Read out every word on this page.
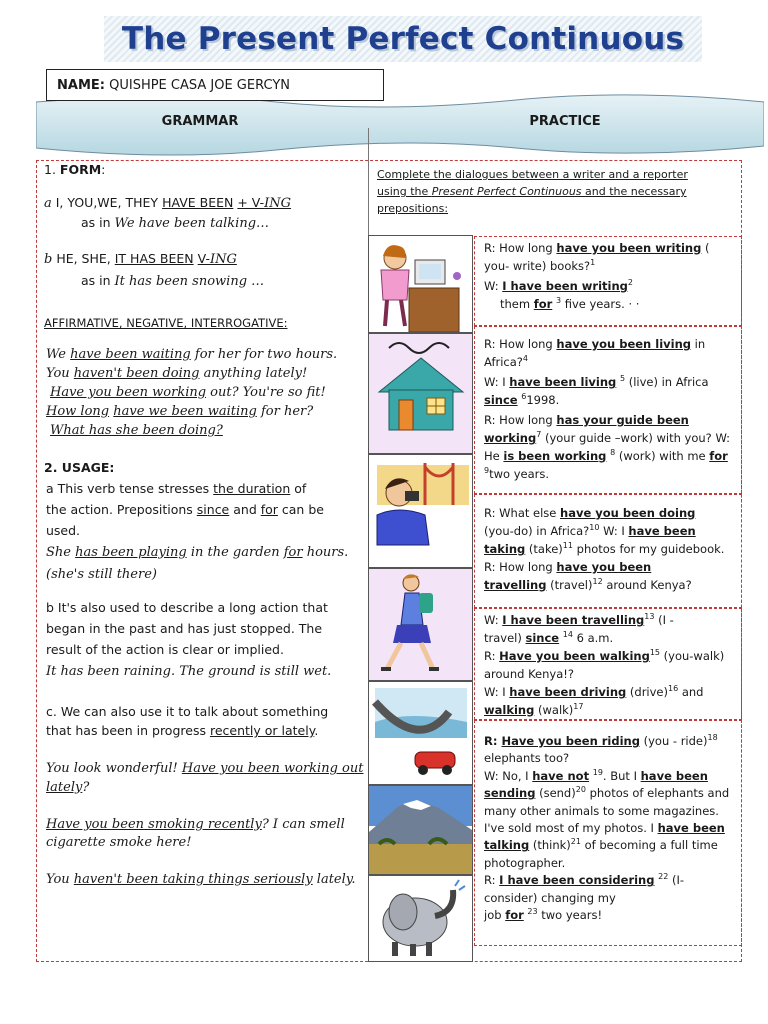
The Present Perfect Continuous
GRAMMAR	PRACTICE
NAME: QUISHPE CASA JOE GERCYN
1. FORM:
a I, YOU,WE, THEY HAVE BEEN + V-ING
as in We have been talking…
b HE, SHE, IT HAS BEEN V-ING
as in It has been snowing …
AFFIRMATIVE, NEGATIVE, INTERROGATIVE:
We have been waiting for her for two hours.
You haven't been doing anything lately!
Have you been working out? You're so fit!
How long have we been waiting for her?
What has she been doing?
2. USAGE:
a This verb tense stresses the duration of
the action. Prepositions since and for can be
used.
She has been playing in the garden for hours.
(she's still there)
b It's also used to describe a long action that
began in the past and has just stopped. The
result of the action is clear or implied.
It has been raining. The ground is still wet.
c. We can also use it to talk about something
that has been in progress recently or lately.
You look wonderful! Have you been working out
lately?
Have you been smoking recently? I can smell
cigarette smoke here!
You haven't been taking things seriously lately.
Complete the dialogues between a writer and a reporter
using the Present Perfect Continuous and the necessary
prepositions:
R: How long have you been writing (
you- write) books?$^1$
W: I have been writing$^2$
them for $^3$ five years. · ·
R: How long have you been living in
Africa?$^4$
W: I have been living $^5$ (live) in Africa
since $^6$1998.
R: How long has your guide been
working$^7$ (your guide –work) with you? W:
He is been working $^8$ (work) with me for
$^9$two years.
R: What else have you been doing
(you-do) in Africa?$^{10}$ W: I have been
taking (take)$^{11}$ photos for my guidebook.
R: How long have you been
travelling (travel)$^{12}$ around Kenya?
W: I have been travelling$^{13}$ (I -
travel) since $^{14}$ 6 a.m.
R: Have you been walking$^{15}$ (you-walk)
around Kenya!?
W: I have been driving (drive)$^{16}$ and
walking (walk)$^{17}$
R: Have you been riding (you - ride)$^{18}$
elephants too?
W: No, I have not $^{19}$. But I have been
sending (send)$^{20}$ photos of elephants and
many other animals to some magazines.
I've sold most of my photos. I have been
talking (think)$^{21}$ of becoming a full time
photographer.
R: I have been considering $^{22}$ (I-
consider) changing my
job for $^{23}$ two years!
